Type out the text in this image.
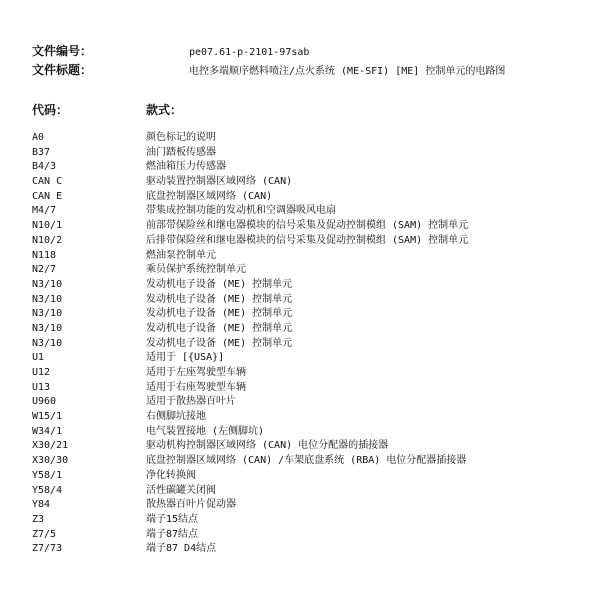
文件编号：	pe07.61-p-2101-97sab
文件标题：	电控多端顺序燃料喷注/点火系统 (ME-SFI) [ME] 控制单元的电路图
代码：	款式：
A0	颜色标记的说明
B37	油门踏板传感器
B4/3	燃油箱压力传感器
CAN C	驱动装置控制器区域网络 (CAN)
CAN E	底盘控制器区域网络 (CAN)
M4/7	带集成控制功能的发动机和空调器吸风电扇
N10/1	前部带保险丝和继电器模块的信号采集及促动控制模组 (SAM) 控制单元
N10/2	后排带保险丝和继电器模块的信号采集及促动控制模组 (SAM) 控制单元
N118	燃油泵控制单元
N2/7	乘员保护系统控制单元
N3/10	发动机电子设备 (ME) 控制单元
N3/10	发动机电子设备 (ME) 控制单元
N3/10	发动机电子设备 (ME) 控制单元
N3/10	发动机电子设备 (ME) 控制单元
N3/10	发动机电子设备 (ME) 控制单元
U1	适用于 [{USA}]
U12	适用于左座驾驶型车辆
U13	适用于右座驾驶型车辆
U960	适用于散热器百叶片
W15/1	右侧脚坑接地
W34/1	电气装置接地 (左侧脚坑)
X30/21	驱动机构控制器区域网络 (CAN) 电位分配器的插接器
X30/30	底盘控制器区域网络 (CAN) /车架底盘系统 (RBA) 电位分配器插接器
Y58/1	净化转换阀
Y58/4	活性碳罐关闭阀
Y84	散热器百叶片促动器
Z3	端子15结点
Z7/5	端子87结点
Z7/73	端子87 D4结点
